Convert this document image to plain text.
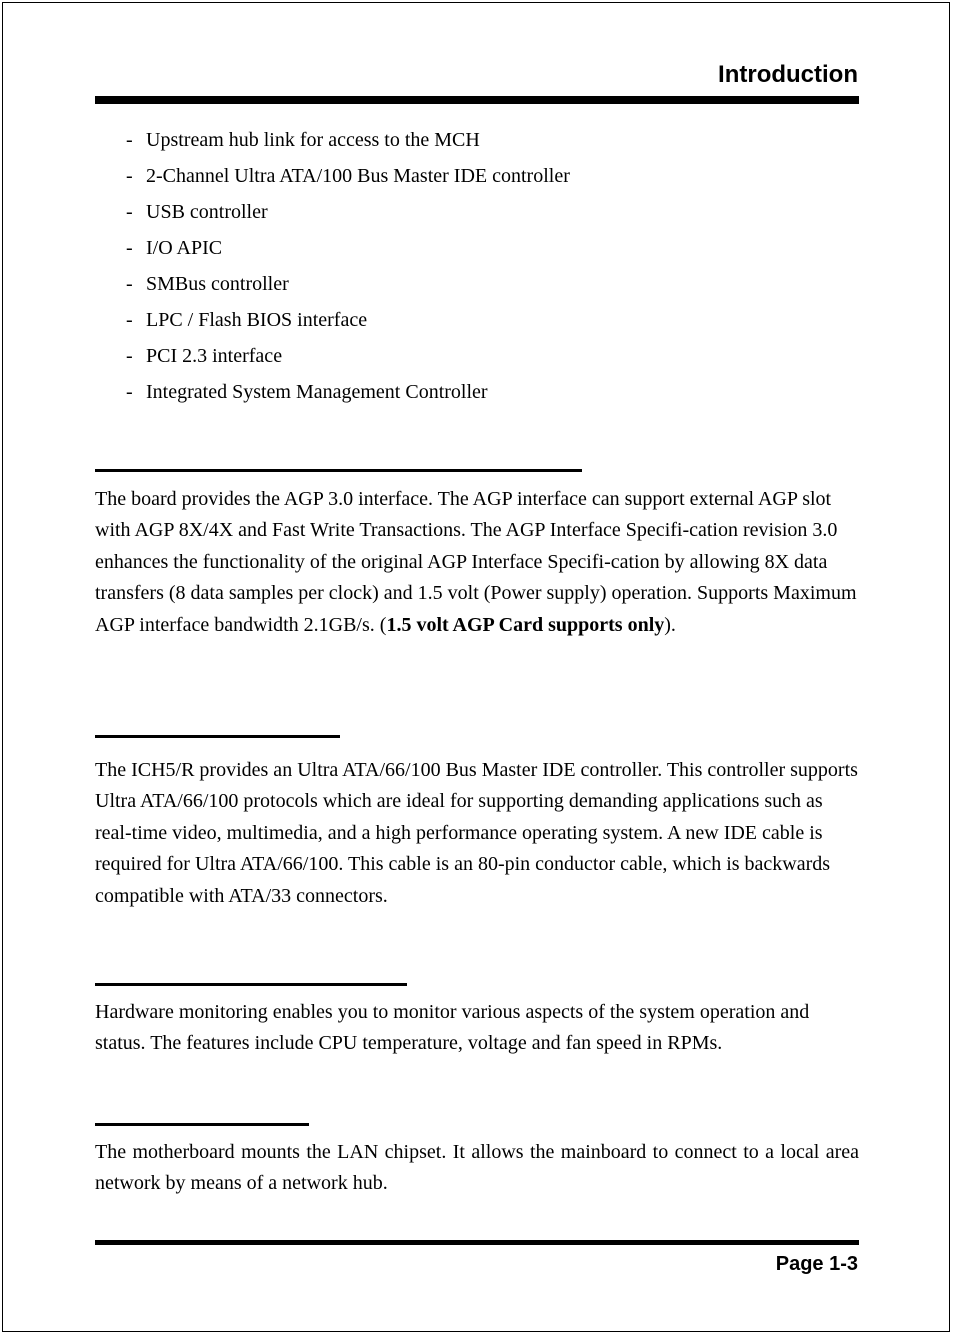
Introduction
- Upstream hub link for access to the MCH
- 2-Channel Ultra ATA/100 Bus Master IDE controller
- USB controller
- I/O APIC
- SMBus controller
- LPC / Flash BIOS interface
- PCI 2.3 interface
- Integrated System Management Controller

The board provides the AGP 3.0 interface. The AGP interface can support external AGP slot with AGP 8X/4X and Fast Write Transactions. The AGP Interface Specifi-cation revision 3.0 enhances the functionality of the original AGP Interface Specifi-cation by allowing 8X data transfers (8 data samples per clock) and 1.5 volt (Power supply) operation. Supports Maximum AGP interface bandwidth 2.1GB/s. (1.5 volt AGP Card supports only).

The ICH5/R provides an Ultra ATA/66/100 Bus Master IDE controller. This controller supports Ultra ATA/66/100 protocols which are ideal for supporting demanding applications such as real-time video, multimedia, and a high performance operating system. A new IDE cable is required for Ultra ATA/66/100. This cable is an 80-pin conductor cable, which is backwards compatible with ATA/33 connectors.

Hardware monitoring enables you to monitor various aspects of the system operation and status. The features include CPU temperature, voltage and fan speed in RPMs.

The motherboard mounts the LAN chipset. It allows the mainboard to connect to a local area network by means of a network hub.

Page 1-3
